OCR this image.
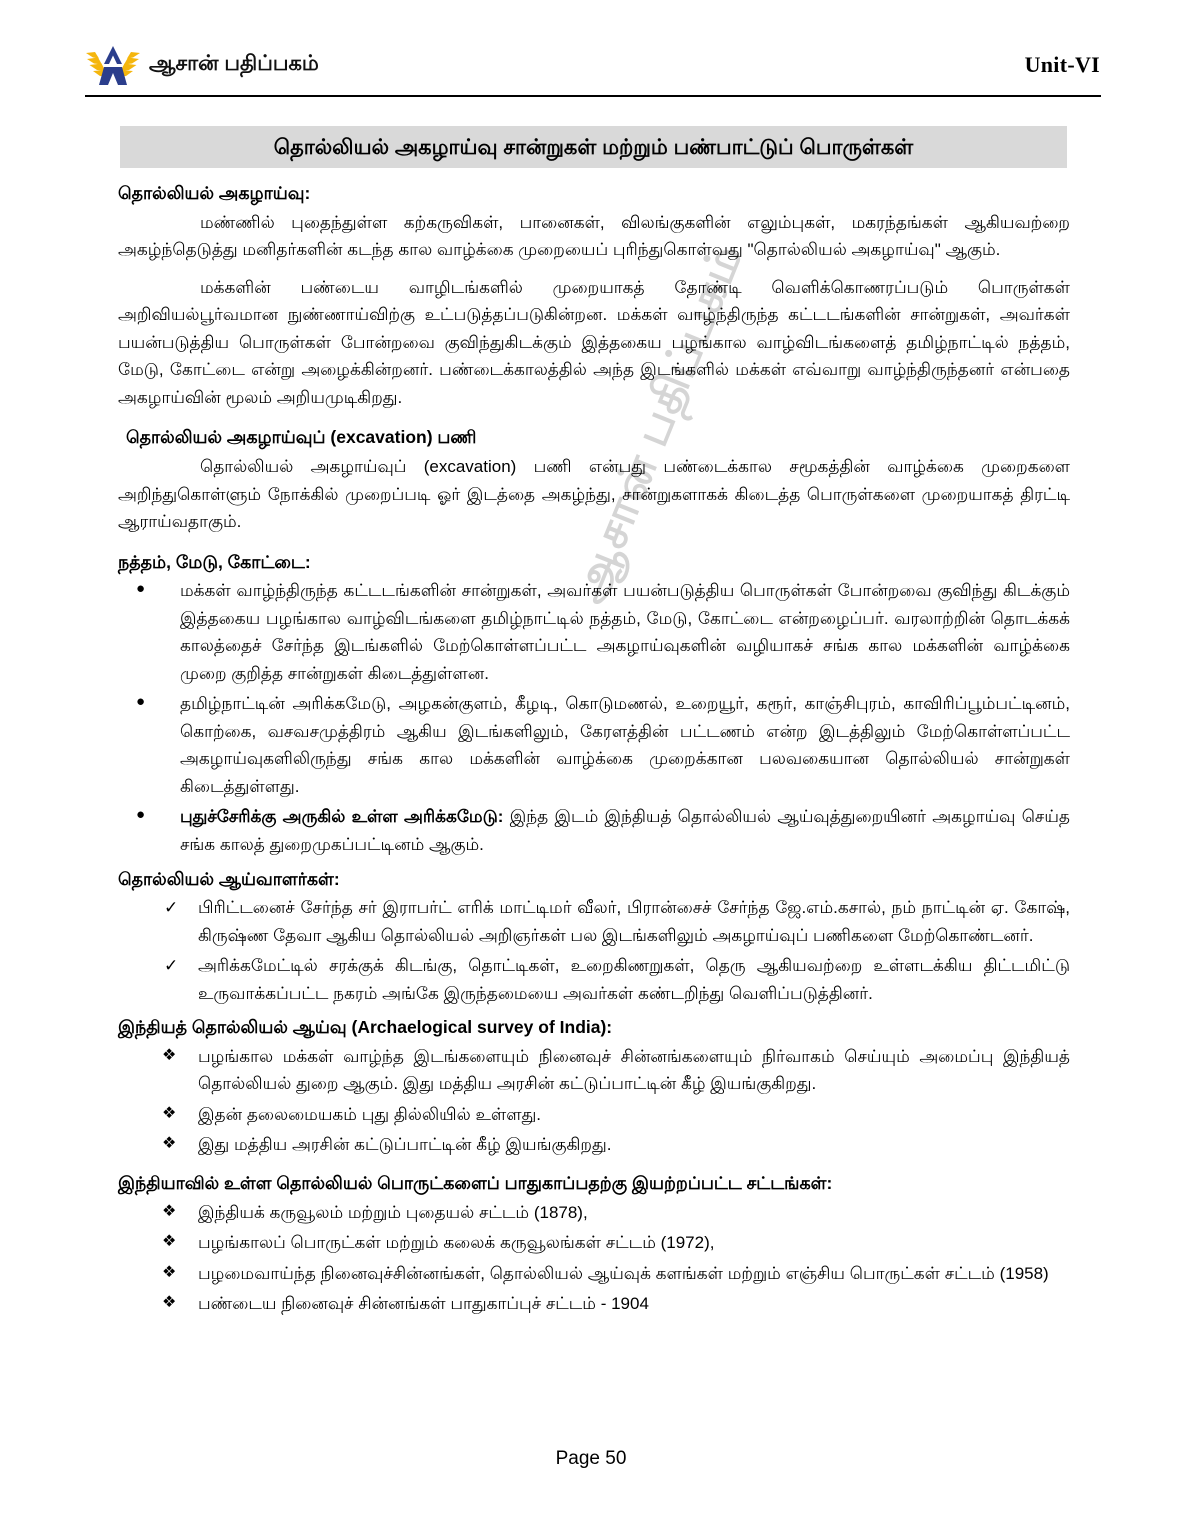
ஆசான் பதிப்பகம்
ஆசான் பதிப்பகம்	Unit-VI
தொல்லியல் அகழாய்வு சான்றுகள் மற்றும் பண்பாட்டுப் பொருள்கள்
தொல்லியல் அகழாய்வு:

மண்ணில் புதைந்துள்ள கற்கருவிகள், பானைகள், விலங்குகளின் எலும்புகள், மகரந்தங்கள் ஆகியவற்றை அகழ்ந்தெடுத்து மனிதர்களின் கடந்த கால வாழ்க்கை முறையைப் புரிந்துகொள்வது "தொல்லியல் அகழாய்வு" ஆகும்.

மக்களின் பண்டைய வாழிடங்களில் முறையாகத் தோண்டி வெளிக்கொணரப்படும் பொருள்கள் அறிவியல்பூர்வமான நுண்ணாய்விற்கு உட்படுத்தப்படுகின்றன. மக்கள் வாழ்ந்திருந்த கட்டடங்களின் சான்றுகள், அவர்கள் பயன்படுத்திய பொருள்கள் போன்றவை குவிந்துகிடக்கும் இத்தகைய பழங்கால வாழ்விடங்களைத் தமிழ்நாட்டில் நத்தம், மேடு, கோட்டை என்று அழைக்கின்றனர். பண்டைக்காலத்தில் அந்த இடங்களில் மக்கள் எவ்வாறு வாழ்ந்திருந்தனர் என்பதை அகழாய்வின் மூலம் அறியமுடிகிறது.

தொல்லியல் அகழாய்வுப் (excavation) பணி

தொல்லியல் அகழாய்வுப் (excavation) பணி என்பது பண்டைக்கால சமூகத்தின் வாழ்க்கை முறைகளை அறிந்துகொள்ளும் நோக்கில் முறைப்படி ஓர் இடத்தை அகழ்ந்து, சான்றுகளாகக் கிடைத்த பொருள்களை முறையாகத் திரட்டி ஆராய்வதாகும்.

நத்தம், மேடு, கோட்டை:
● மக்கள் வாழ்ந்திருந்த கட்டடங்களின் சான்றுகள், அவர்கள் பயன்படுத்திய பொருள்கள் போன்றவை குவிந்து கிடக்கும் இத்தகைய பழங்கால வாழ்விடங்களை தமிழ்நாட்டில் நத்தம், மேடு, கோட்டை என்றழைப்பர். வரலாற்றின் தொடக்கக் காலத்தைச் சேர்ந்த இடங்களில் மேற்கொள்ளப்பட்ட அகழாய்வுகளின் வழியாகச் சங்க கால மக்களின் வாழ்க்கை முறை குறித்த சான்றுகள் கிடைத்துள்ளன.
● தமிழ்நாட்டின் அரிக்கமேடு, அழகன்குளம், கீழடி, கொடுமணல், உறையூர், கரூர், காஞ்சிபுரம், காவிரிப்பூம்பட்டினம், கொற்கை, வசவசமுத்திரம் ஆகிய இடங்களிலும், கேரளத்தின் பட்டணம் என்ற இடத்திலும் மேற்கொள்ளப்பட்ட அகழாய்வுகளிலிருந்து சங்க கால மக்களின் வாழ்க்கை முறைக்கான பலவகையான தொல்லியல் சான்றுகள் கிடைத்துள்ளது.
● புதுச்சேரிக்கு அருகில் உள்ள அரிக்கமேடு: இந்த இடம் இந்தியத் தொல்லியல் ஆய்வுத்துறையினர் அகழாய்வு செய்த சங்க காலத் துறைமுகப்பட்டினம் ஆகும்.
தொல்லியல் ஆய்வாளர்கள்:
✓ பிரிட்டனைச் சேர்ந்த சர் இராபர்ட் எரிக் மாட்டிமர் வீலர், பிரான்சைச் சேர்ந்த ஜே.எம்.கசால், நம் நாட்டின் ஏ. கோஷ், கிருஷ்ண தேவா ஆகிய தொல்லியல் அறிஞர்கள் பல இடங்களிலும் அகழாய்வுப் பணிகளை மேற்கொண்டனர்.
✓ அரிக்கமேட்டில் சரக்குக் கிடங்கு, தொட்டிகள், உறைகிணறுகள், தெரு ஆகியவற்றை உள்ளடக்கிய திட்டமிட்டு உருவாக்கப்பட்ட நகரம் அங்கே இருந்தமையை அவர்கள் கண்டறிந்து வெளிப்படுத்தினர்.
இந்தியத் தொல்லியல் ஆய்வு (Archaelogical survey of India):
❖ பழங்கால மக்கள் வாழ்ந்த இடங்களையும் நினைவுச் சின்னங்களையும் நிர்வாகம் செய்யும் அமைப்பு இந்தியத் தொல்லியல் துறை ஆகும். இது மத்திய அரசின் கட்டுப்பாட்டின் கீழ் இயங்குகிறது.
❖ இதன் தலைமையகம் புது தில்லியில் உள்ளது.
❖ இது மத்திய அரசின் கட்டுப்பாட்டின் கீழ் இயங்குகிறது.
இந்தியாவில் உள்ள தொல்லியல் பொருட்களைப் பாதுகாப்பதற்கு இயற்றப்பட்ட சட்டங்கள்:
❖ இந்தியக் கருவூலம் மற்றும் புதையல் சட்டம் (1878),
❖ பழங்காலப் பொருட்கள் மற்றும் கலைக் கருவூலங்கள் சட்டம் (1972),
❖ பழமைவாய்ந்த நினைவுச்சின்னங்கள், தொல்லியல் ஆய்வுக் களங்கள் மற்றும் எஞ்சிய பொருட்கள் சட்டம் (1958)
❖ பண்டைய நினைவுச் சின்னங்கள் பாதுகாப்புச் சட்டம் - 1904
Page 50
